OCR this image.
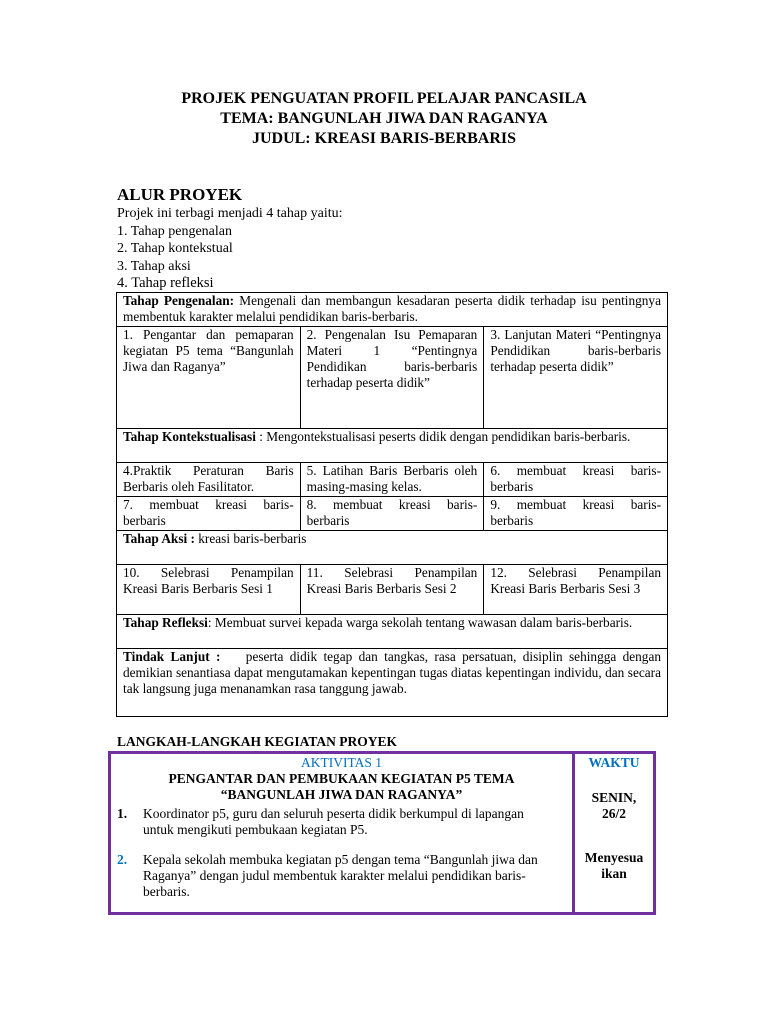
PROJEK PENGUATAN PROFIL PELAJAR PANCASILA
TEMA: BANGUNLAH JIWA DAN RAGANYA
JUDUL: KREASI BARIS-BERBARIS
ALUR PROYEK
Projek ini terbagi menjadi 4 tahap yaitu:
1. Tahap pengenalan
2. Tahap kontekstual
3. Tahap aksi
4. Tahap refleksi
Tahap Pengenalan: Mengenali dan membangun kesadaran peserta didik terhadap isu pentingnya membentuk karakter melalui pendidikan baris-berbaris.		
1. Pengantar dan pemaparan kegiatan P5 tema “Bangunlah Jiwa dan Raganya”	2. Pengenalan Isu Pemaparan Materi 1 “Pentingnya Pendidikan baris-berbaris terhadap peserta didik”	3. Lanjutan Materi “Pentingnya Pendidikan baris-berbaris terhadap peserta didik”
Tahap Kontekstualisasi : Mengontekstualisasi peserts didik dengan pendidikan baris-berbaris.		
4.Praktik Peraturan Baris Berbaris oleh Fasilitator.	5. Latihan Baris Berbaris oleh masing-masing kelas.	6. membuat kreasi baris-berbaris
7. membuat kreasi baris-berbaris	8. membuat kreasi baris-berbaris	9. membuat kreasi baris-berbaris
Tahap Aksi : kreasi baris-berbaris		
10. Selebrasi Penampilan Kreasi Baris Berbaris Sesi 1	11. Selebrasi Penampilan Kreasi Baris Berbaris Sesi 2	12. Selebrasi Penampilan Kreasi Baris Berbaris Sesi 3
Tahap Refleksi: Membuat survei kepada warga sekolah tentang wawasan dalam baris-berbaris.		
Tindak Lanjut :    peserta didik tegap dan tangkas, rasa persatuan, disiplin sehingga dengan demikian senantiasa dapat mengutamakan kepentingan tugas diatas kepentingan individu, dan secara tak langsung juga menanamkan rasa tanggung jawab.		
LANGKAH-LANGKAH KEGIATAN PROYEK
AKTIVITAS 1
PENGANTAR DAN PEMBUKAAN KEGIATAN P5 TEMA
“BANGUNLAH JIWA DAN RAGANYA”
1. Koordinator p5, guru dan seluruh peserta didik berkumpul di lapangan untuk mengikuti pembukaan kegiatan P5.
2. Kepala sekolah membuka kegiatan p5 dengan tema “Bangunlah jiwa dan Raganya” dengan judul membentuk karakter melalui pendidikan baris-berbaris.
WAKTU
SENIN,
26/2
Menyesua
ikan
